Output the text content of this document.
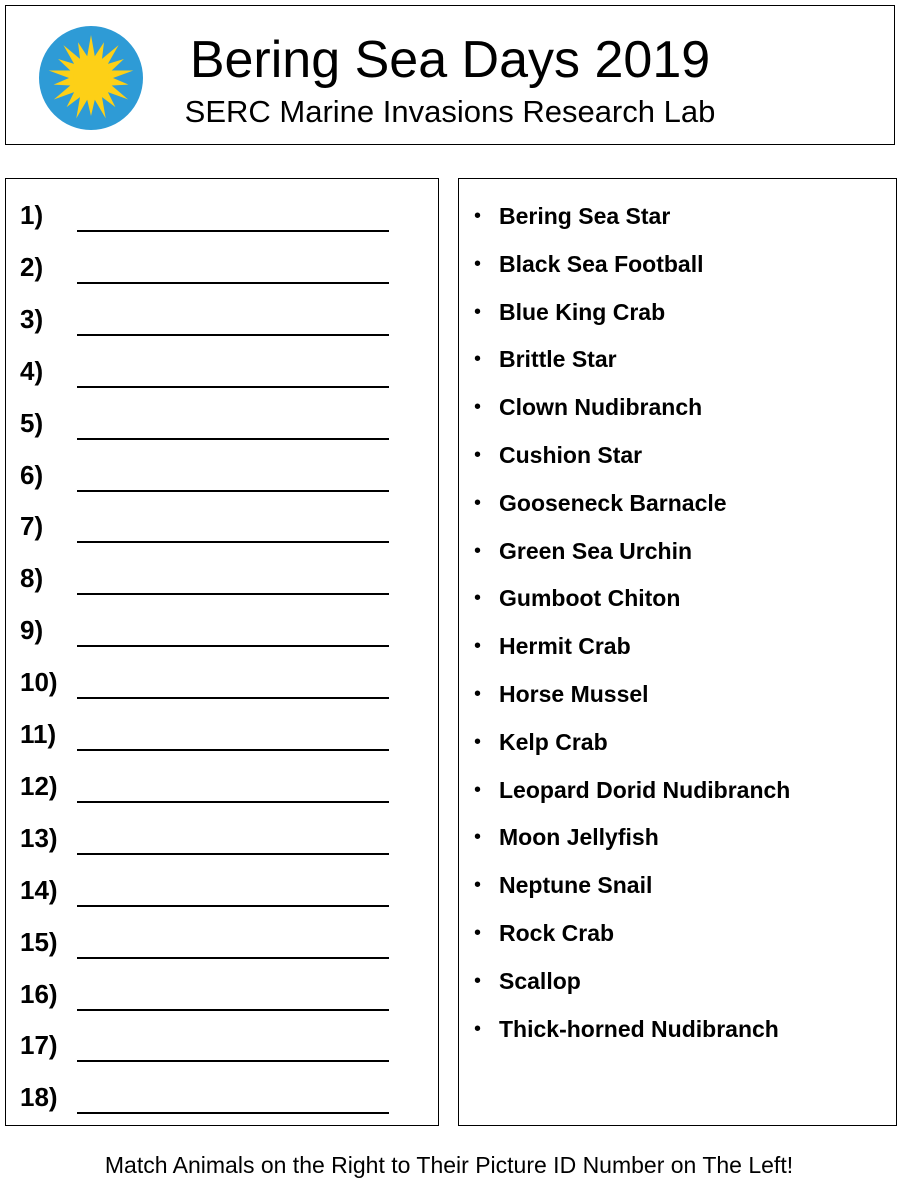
Bering Sea Days 2019
SERC Marine Invasions Research Lab
1)
2)
3)
4)
5)
6)
7)
8)
9)
10)
11)
12)
13)
14)
15)
16)
17)
18)
• Bering Sea Star
• Black Sea Football
• Blue King Crab
• Brittle Star
• Clown Nudibranch
• Cushion Star
• Gooseneck Barnacle
• Green Sea Urchin
• Gumboot Chiton
• Hermit Crab
• Horse Mussel
• Kelp Crab
• Leopard Dorid Nudibranch
• Moon Jellyfish
• Neptune Snail
• Rock Crab
• Scallop
• Thick-horned Nudibranch
Match Animals on the Right to Their Picture ID Number on The Left!
